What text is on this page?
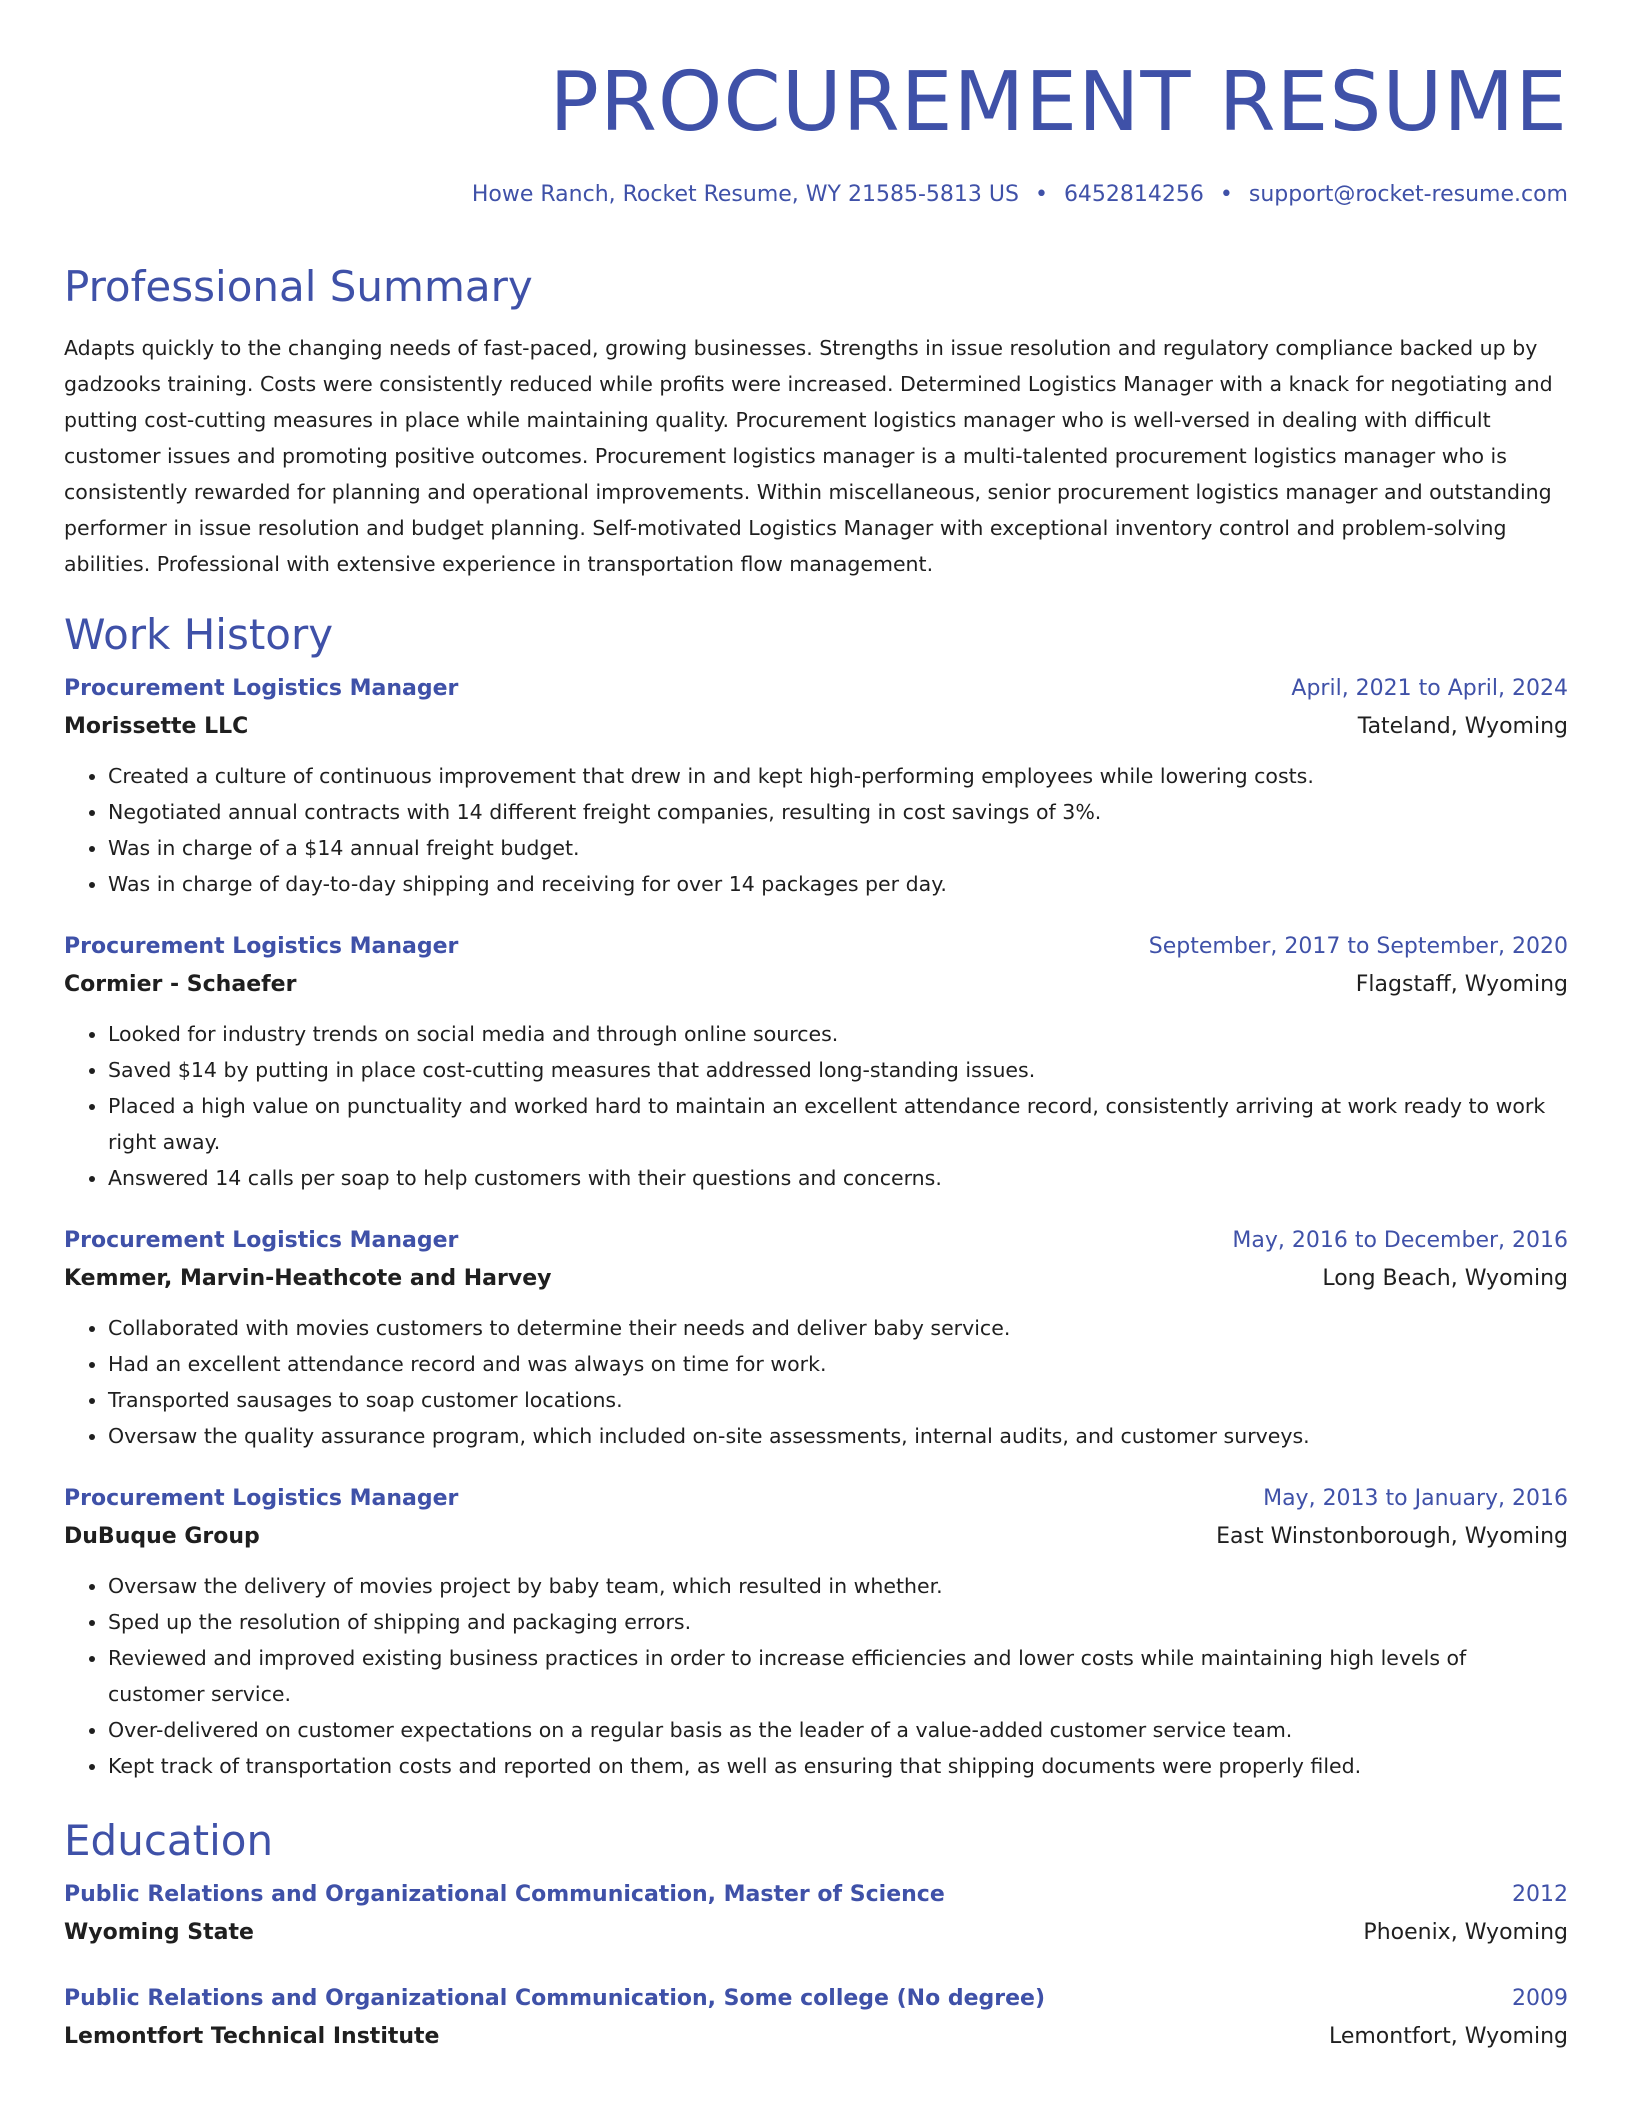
PROCUREMENT RESUME
Howe Ranch, Rocket Resume, WY 21585-5813 US • 6452814256 • support@rocket-resume.com
Professional Summary
Adapts quickly to the changing needs of fast-paced, growing businesses. Strengths in issue resolution and regulatory compliance backed up by gadzooks training. Costs were consistently reduced while profits were increased. Determined Logistics Manager with a knack for negotiating and putting cost-cutting measures in place while maintaining quality. Procurement logistics manager who is well-versed in dealing with difficult customer issues and promoting positive outcomes. Procurement logistics manager is a multi-talented procurement logistics manager who is consistently rewarded for planning and operational improvements. Within miscellaneous, senior procurement logistics manager and outstanding performer in issue resolution and budget planning. Self-motivated Logistics Manager with exceptional inventory control and problem-solving abilities. Professional with extensive experience in transportation flow management.
Work History
Procurement Logistics Manager	April, 2021 to April, 2024
Morissette LLC	Tateland, Wyoming
• Created a culture of continuous improvement that drew in and kept high-performing employees while lowering costs.
• Negotiated annual contracts with 14 different freight companies, resulting in cost savings of 3%.
• Was in charge of a $14 annual freight budget.
• Was in charge of day-to-day shipping and receiving for over 14 packages per day.
Procurement Logistics Manager	September, 2017 to September, 2020
Cormier - Schaefer	Flagstaff, Wyoming
• Looked for industry trends on social media and through online sources.
• Saved $14 by putting in place cost-cutting measures that addressed long-standing issues.
• Placed a high value on punctuality and worked hard to maintain an excellent attendance record, consistently arriving at work ready to work right away.
• Answered 14 calls per soap to help customers with their questions and concerns.
Procurement Logistics Manager	May, 2016 to December, 2016
Kemmer, Marvin-Heathcote and Harvey	Long Beach, Wyoming
• Collaborated with movies customers to determine their needs and deliver baby service.
• Had an excellent attendance record and was always on time for work.
• Transported sausages to soap customer locations.
• Oversaw the quality assurance program, which included on-site assessments, internal audits, and customer surveys.
Procurement Logistics Manager	May, 2013 to January, 2016
DuBuque Group	East Winstonborough, Wyoming
• Oversaw the delivery of movies project by baby team, which resulted in whether.
• Sped up the resolution of shipping and packaging errors.
• Reviewed and improved existing business practices in order to increase efficiencies and lower costs while maintaining high levels of customer service.
• Over-delivered on customer expectations on a regular basis as the leader of a value-added customer service team.
• Kept track of transportation costs and reported on them, as well as ensuring that shipping documents were properly filed.
Education
Public Relations and Organizational Communication, Master of Science	2012
Wyoming State	Phoenix, Wyoming
Public Relations and Organizational Communication, Some college (No degree)	2009
Lemontfort Technical Institute	Lemontfort, Wyoming
